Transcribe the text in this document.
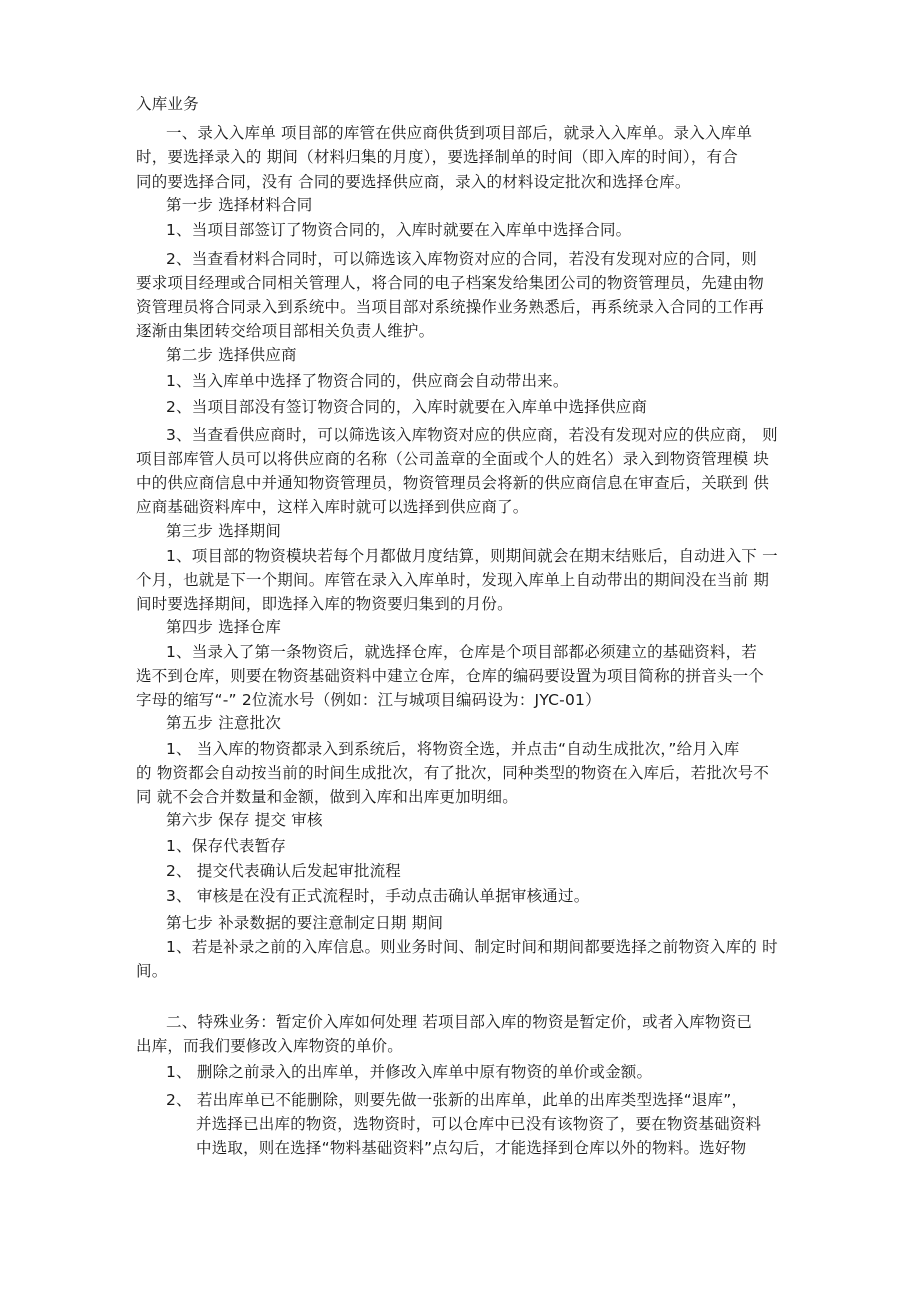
入库业务
一、录入入库单 项目部的库管在供应商供货到项目部后，就录入入库单。录入入库单
时，要选择录入的 期间（材料归集的月度），要选择制单的时间（即入库的时间），有合
同的要选择合同，没有 合同的要选择供应商，录入的材料设定批次和选择仓库。
第一步 选择材料合同
1、当项目部签订了物资合同的，入库时就要在入库单中选择合同。
2、当查看材料合同时，可以筛选该入库物资对应的合同，若没有发现对应的合同，则
要求项目经理或合同相关管理人，将合同的电子档案发给集团公司的物资管理员，先建由物
资管理员将合同录入到系统中。当项目部对系统操作业务熟悉后，再系统录入合同的工作再
逐渐由集团转交给项目部相关负责人维护。
第二步 选择供应商
1、当入库单中选择了物资合同的，供应商会自动带出来。
2、当项目部没有签订物资合同的，入库时就要在入库单中选择供应商
3、当查看供应商时，可以筛选该入库物资对应的供应商，若没有发现对应的供应商， 则
项目部库管人员可以将供应商的名称（公司盖章的全面或个人的姓名）录入到物资管理模 块
中的供应商信息中并通知物资管理员，物资管理员会将新的供应商信息在审查后，关联到 供
应商基础资料库中，这样入库时就可以选择到供应商了。
第三步 选择期间
1、项目部的物资模块若每个月都做月度结算，则期间就会在期末结账后，自动进入下 一
个月，也就是下一个期间。库管在录入入库单时，发现入库单上自动带出的期间没在当前 期
间时要选择期间，即选择入库的物资要归集到的月份。
第四步 选择仓库
1、当录入了第一条物资后，就选择仓库，仓库是个项目部都必须建立的基础资料，若
选不到仓库，则要在物资基础资料中建立仓库，仓库的编码要设置为项目简称的拼音头一个
字母的缩写“-” 2位流水号（例如：江与城项目编码设为：JYC-01）
第五步 注意批次
1、 当入库的物资都录入到系统后，将物资全选，并点击“自动生成批次，”给月入库
的 物资都会自动按当前的时间生成批次，有了批次，同种类型的物资在入库后，若批次号不
同 就不会合并数量和金额，做到入库和出库更加明细。
第六步 保存 提交 审核
1、保存代表暂存
2、 提交代表确认后发起审批流程
3、 审核是在没有正式流程时，手动点击确认单据审核通过。
第七步 补录数据的要注意制定日期 期间
1、若是补录之前的入库信息。则业务时间、制定时间和期间都要选择之前物资入库的 时
间。
二、特殊业务：暂定价入库如何处理 若项目部入库的物资是暂定价，或者入库物资已
出库，而我们要修改入库物资的单价。
1、 删除之前录入的出库单，并修改入库单中原有物资的单价或金额。
2、 若出库单已不能删除，则要先做一张新的出库单，此单的出库类型选择“退库”，
并选择已出库的物资，选物资时，可以仓库中已没有该物资了，要在物资基础资料
中选取，则在选择“物料基础资料”点勾后，才能选择到仓库以外的物料。选好物
